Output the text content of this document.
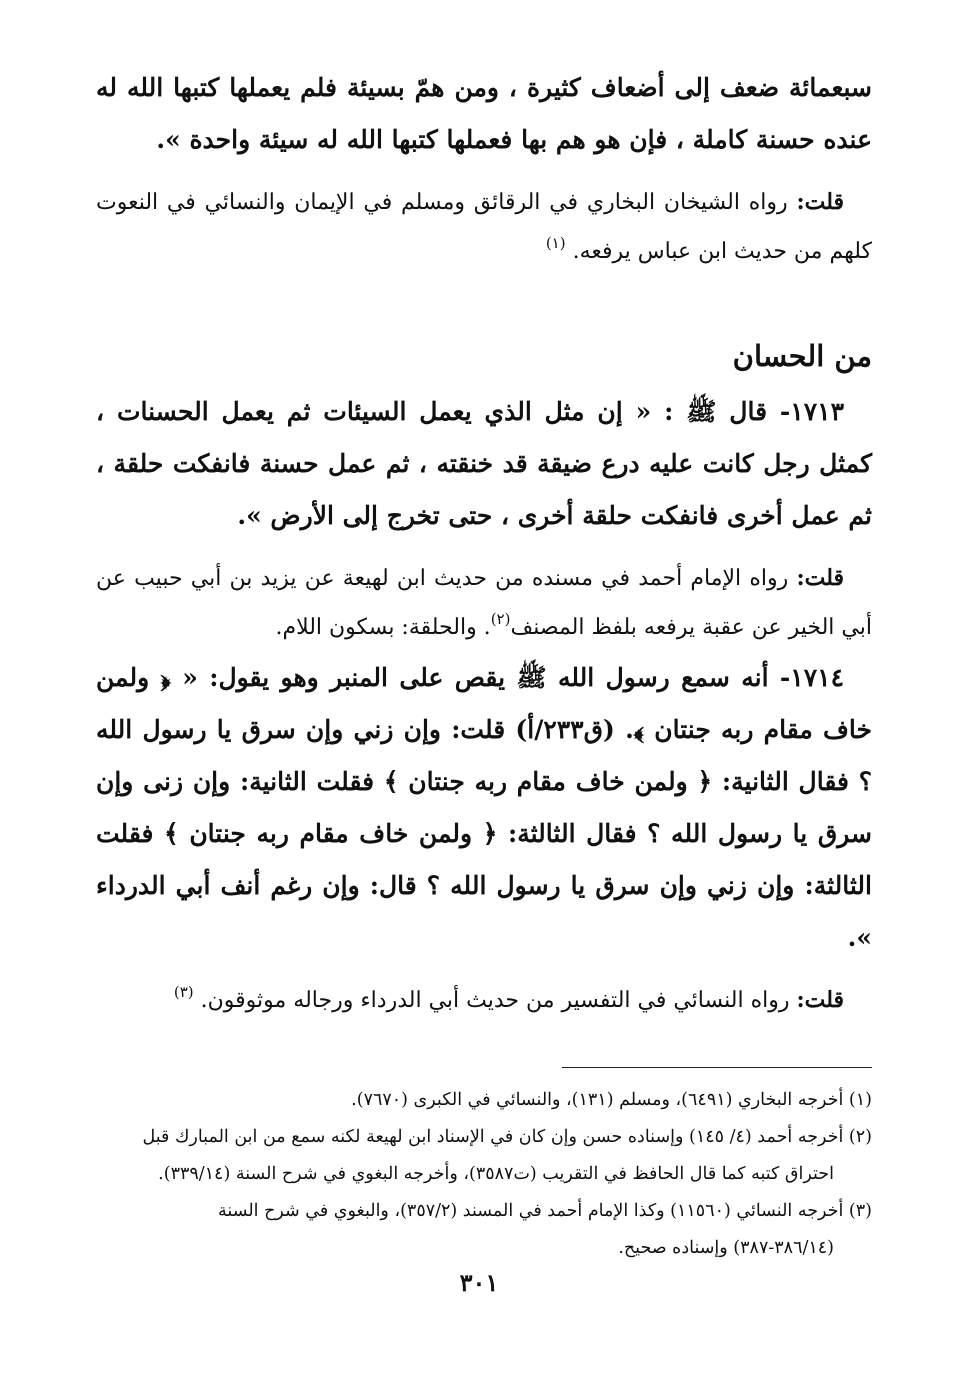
سبعمائة ضعف إلى أضعاف كثيرة ، ومن همّ بسيئة فلم يعملها كتبها الله له عنده حسنة كاملة ، فإن هو هم بها فعملها كتبها الله له سيئة واحدة ».

قلت: رواه الشيخان البخاري في الرقائق ومسلم في الإيمان والنسائي في النعوت كلهم من حديث ابن عباس يرفعه. $^{(١)}$

من الحسان

١٧١٣- قال ﷺ : « إن مثل الذي يعمل السيئات ثم يعمل الحسنات ، كمثل رجل كانت عليه درع ضيقة قد خنقته ، ثم عمل حسنة فانفكت حلقة ، ثم عمل أخرى فانفكت حلقة أخرى ، حتى تخرج إلى الأرض ».

قلت: رواه الإمام أحمد في مسنده من حديث ابن لهيعة عن يزيد بن أبي حبيب عن أبي الخير عن عقبة يرفعه بلفظ المصنف$^{(٢)}$. والحلقة: بسكون اللام.

١٧١٤- أنه سمع رسول الله ﷺ يقص على المنبر وهو يقول: « ﴿ ولمن خاف مقام ربه جنتان ﴾. (ق٢٣٣/أ) قلت: وإن زني وإن سرق يا رسول الله ؟ فقال الثانية: ﴿ ولمن خاف مقام ربه جنتان ﴾ فقلت الثانية: وإن زنى وإن سرق يا رسول الله ؟ فقال الثالثة: ﴿ ولمن خاف مقام ربه جنتان ﴾ فقلت الثالثة: وإن زني وإن سرق يا رسول الله ؟ قال: وإن رغم أنف أبي الدرداء ».

قلت: رواه النسائي في التفسير من حديث أبي الدرداء ورجاله موثوقون. $^{(٣)}$

(١) أخرجه البخاري (٦٤٩١)، ومسلم (١٣١)، والنسائي في الكبرى (٧٦٧٠).

(٢) أخرجه أحمد (٤/ ١٤٥) وإسناده حسن وإن كان في الإسناد ابن لهيعة لكنه سمع من ابن المبارك قبل

احتراق كتبه كما قال الحافظ في التقريب (ت٣٥٨٧)، وأخرجه البغوي في شرح السنة (٣٣٩/١٤).

(٣) أخرجه النسائي (١١٥٦٠) وكذا الإمام أحمد في المسند (٣٥٧/٢)، والبغوي في شرح السنة

(٣٨٦/١٤-٣٨٧) وإسناده صحيح.

٣٠١
